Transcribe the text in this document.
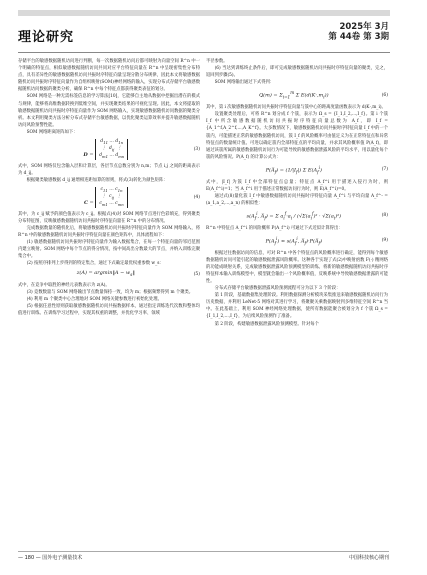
理论研究
2025年 3月
第 44卷 第 3期

存储平台的敏感数据随机访问进行判断，每一次数据随机访问后都可映射为向量空间 R^n 中一个明确的特征点，相似敏感数据随机访问共同对应平台特征向量在 R^n 中呈现密集性分布特点，具有差异性的敏感数据随机访问共振时序特征向量呈现分散分布规律，因此本文将敏感数据随机访问共振时序特征向量作为自组织映射(SOM)神经网络的输入，实现分布式存储平台敏感数据随机访问数据的聚类分析，确保 R^n 中每个特征点都获得聚类表征的划分。

SOM 网络是一种无需标签信息的学习算法[10]，它能够自主地从数据中挖掘出潜在的模式与规律，能够将高维数据转换到低维空间，并实现聚类结果的可视化呈现。因此，本文将提取的敏感数据随机访问共振时序特征向量作为 SOM 网络输入，实现敏感数据随机访问数据的聚类分析。本文利用聚类方法分析分布式存储平台敏感数据，以优化聚类运算效率并提升敏感数据随机访问风险预警性能。

SOM 网络距离矩阵如下：

$D = d_{11}$ … $d_{1n}$
⋮  $d_{ij}$  ⋮
$d_{m1}$ … $d_{mn}$
(3)

式中，SOM 网络仅包含输入层和计算层，各层节点总数分别为 n,m；节点 i,j 之间的距离表示为 d_ij。

根据聚类敏感数据 d_ij 通增相连距加算的原则，将式(3)转化为颜色矩阵：

$C = c_{11}$ … $c_{1n}$
⋮  $c_{ij}$  ⋮
$c_{m1}$ … $c_{mn}$
(4)

其中，为 c_ij 赋予的颜色值表示为 c_ij。根据式(4)对 SOM 网络节点进行色彩填充，得到聚类分布特征图，反映敏感数据随机访问共振时序特征向量在 R^n 中的分布情况。

完成数据数量的随机化后，将敏感数据随机访问共振时序特征向量作为 SOM 网络输入，将 R^n 中的敏感数据随机访问共振时序特征向量在颜色矩阵中，具体流程如下：

(1) 敏感数据随机访问共振时序特征向量作为输入数据集合，在每一个特征向量的邻近范围内建立映射。SOM 网络中每个节点的得分情况，按中间高出分数最大的节点，并纳入训练完聚集合中。

(2) 按照序排列上步得到的特定集合，通过下式确定最优权重参数 w_s：

z(A) = argmin‖A − $w_s‖$	(5)

式中，在竞争中取胜的神经元表数表示为 z(A)。

(3) 竞数数量与 SOM 网络输出节点数量保持一致，均为 m；根据频繁得到 m 个聚类。

(4) 利用 m 个聚类中心合理地对 SOM 网络关键参数进行初始化处理。

(5) 根据任意性原则获取敏感数据随机访问共振数据样本，通过指定训练迭代次数和整体均值进行训练。在训练学习过程中，实现其权重的调整，并优化学习率、领域

半径参数。

(6) 当达到训练终止条件后，即可完成敏感数据随机访问共振时序特征向量的聚类，完之，返回到步骤(5)。

SOM 网络输出通过下式得到：

$Q(m) = \Sigma_{i=1}^m$ Σ $E(d(K\cdot,m_i))$	(6)

其中，第 i 次敏感数据随机访问共振时序特征向量与簇中心的距离度量函数表示为 d(K·,m_i)。

设置聚类处理后，可将 R^n 划分成 f 个簇，表示为 Ω_s = {I_1,I_2,...,I_f}。第 i 个簇 I_f 中所含敏感数据随机访问共振时序特征向量总数为 A_f，即 I_f = {A_1^f,A_2^f,...,A_K^f}。大多数情况下，敏感数据随机访问共振时序特征向量 I_f 中的一个簇内，可能描述正常的敏感数据随机访问，簇 I_f 的风险概率可由值定义为在正常特征点和异常特征点的数量统计值。可进以确定簇内全部特征点的平均向量，并求其风险概率值 P(A_f)，即通过该簇所属的敏感数据随机访问行为可能导致的敏感数据泄露风险的平均水平，用以量化每个簇的风险情况。P(A_f) 的计算公式为：

$P(A̅_f) = (1/|I_f|)$ Σ $E(A_f^i)$	(7)

式中，|I_f| 为簇 I_f 中全部特征点总量；特征点 A_f^i 用于描述入侵行为时，则 E(A_f^i)=1；当 A_f^i 用于描述正常数据访问行为时，则 E(A_f^i)=0。

通过式(8)量化簇 I_f 中敏感数据随机访问共振时序特征向量 A_f^i 与平均向量 A_f^- = (a_1,a_2,...,a_n) 的相似性：

$s(A_f^i$, $A̅_f) = \Sigma$ $a_i^f\cdot a_i / (√\Sigma(a_i^f)^2 \cdot √\Sigma(a_i)^2)$	(8)

R^n 中特征点 A_f^i 的风险概率 P(A_f^i) 可通过下式近似计算得出：

$P(A_f^i) \approx s(A_f^i$, $A̅_f)\cdot P(A̅_f)$	(9)

根据过往数据访问的信息，可对 R^n 中各个特征点的风险概率进行确定，能得到每个敏感数据随机访问可能引起的敏感数据泄露风险概率。这种各于实现了式(2)中映射函数 F(·) 精网络的功能成映射关系，完成敏感数据泄露风险预测模型的训练。将新的敏感数据随机访问共振时序特征样本输入训练模型中，模型就会输出一个风险概率值，反映系统中导致敏感数据泄露的可能性。

分布式存储平台敏感数据泄露风险预测流程可分为以下 3 个阶段：

第 1 阶段，基础数据集处理阶段。利用数据探测分析模块采集推送来敏感数据随机访问行为历史数据，并利用 LeNet-5 网络对其进行学习，将聚聚关乘数据映射到多维特征空间 R^n 当中。在此基础上，利用 SOM 神经网络处理数据，使所有数据能聚合被划分为 f 个簇 Ω_s = {I_1,I_2,...,I_f}，为后续风险预测作了准备。

第 2 阶段，构建敏感数据泄露风险预测模型。针对每个

— 180 — 国外电子测量技术	中国科技核心期刊
